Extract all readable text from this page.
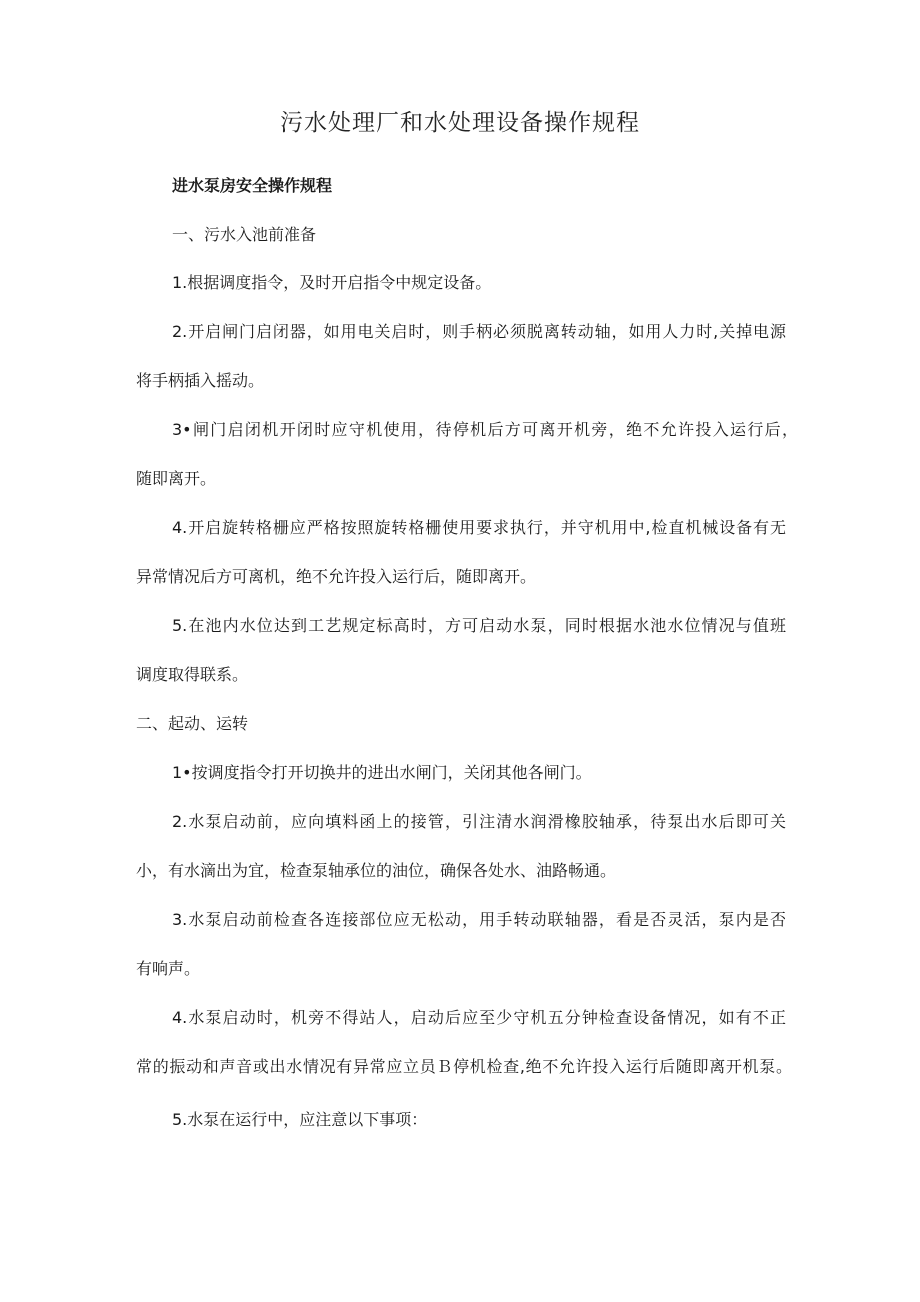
污水处理厂和水处理设备操作规程
进水泵房安全操作规程
一、污水入池前准备
1.根据调度指令，及时开启指令中规定设备。
2.开启闸门启闭器，如用电关启时，则手柄必须脱离转动轴，如用人力时,关掉电源
将手柄插入摇动。
3•闸门启闭机开闭时应守机使用，待停机后方可离开机旁，绝不允许投入运行后，
随即离开。
4.开启旋转格栅应严格按照旋转格栅使用要求执行，并守机用中,检直机械设备有无
异常情况后方可离机，绝不允许投入运行后，随即离开。
5.在池内水位达到工艺规定标高时，方可启动水泵，同时根据水池水位情况与值班
调度取得联系。
二、起动、运转
1•按调度指令打开切换井的进出水闸门，关闭其他各闸门。
2.水泵启动前，应向填料函上的接管，引注清水润滑橡胶轴承，待泵出水后即可关
小，有水滴出为宜，检查泵轴承位的油位，确保各处水、油路畅通。
3.水泵启动前检查各连接部位应无松动，用手转动联轴器，看是否灵活，泵内是否
有响声。
4.水泵启动时，机旁不得站人，启动后应至少守机五分钟检查设备情况，如有不正
常的振动和声音或出水情况有异常应立员Ｂ停机检查,绝不允许投入运行后随即离开机泵。
5.水泵在运行中，应注意以下事项：
